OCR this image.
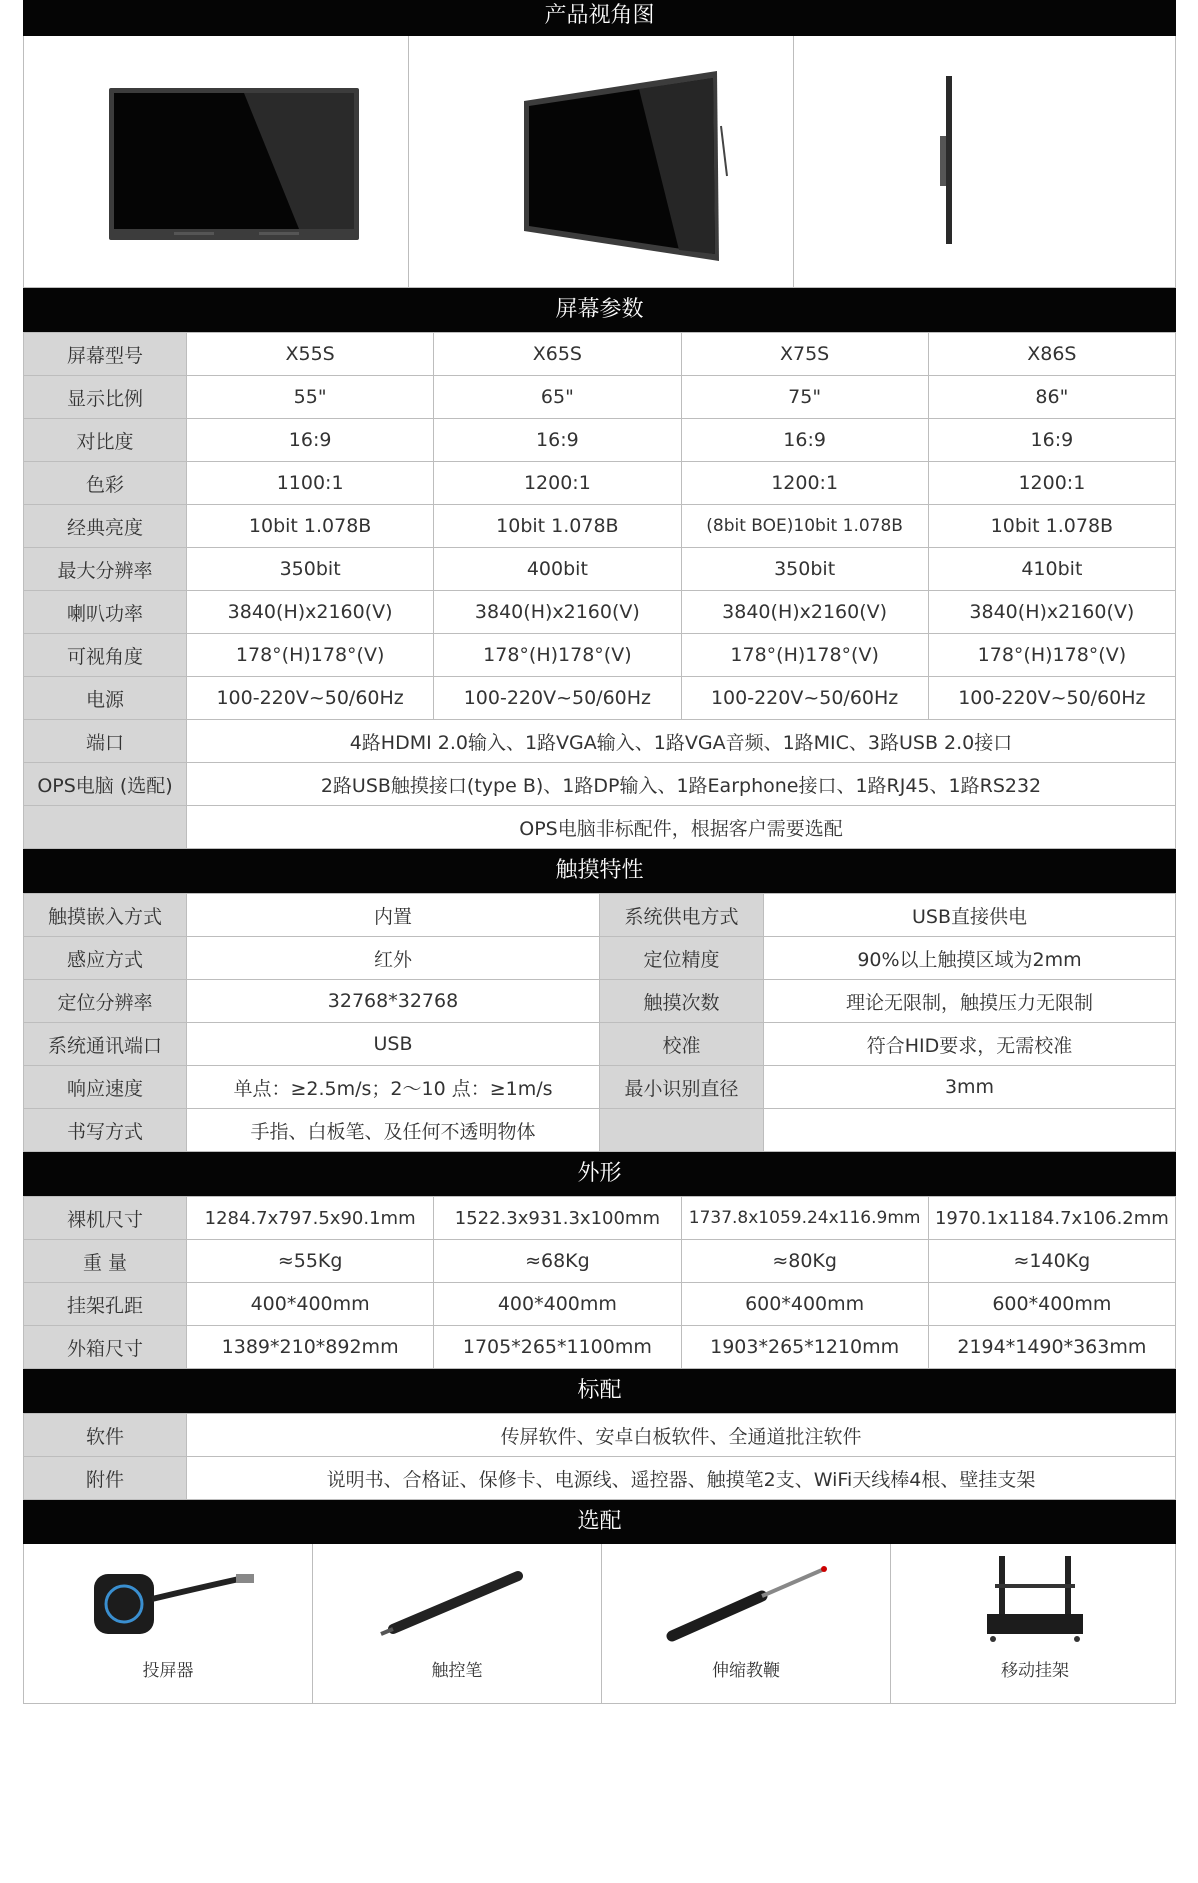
产品视角图
屏幕参数
屏幕型号	X55S	X65S	X75S	X86S
显示比例	55"	65"	75"	86"
对比度	16:9	16:9	16:9	16:9
色彩	1100:1	1200:1	1200:1	1200:1
经典亮度	10bit 1.078B	10bit 1.078B	(8bit BOE)10bit 1.078B	10bit 1.078B
最大分辨率	350bit	400bit	350bit	410bit
喇叭功率	3840(H)x2160(V)	3840(H)x2160(V)	3840(H)x2160(V)	3840(H)x2160(V)
可视角度	178°(H)178°(V)	178°(H)178°(V)	178°(H)178°(V)	178°(H)178°(V)
电源	100-220V~50/60Hz	100-220V~50/60Hz	100-220V~50/60Hz	100-220V~50/60Hz
端口	4路HDMI 2.0输入、1路VGA输入、1路VGA音频、1路MIC、3路USB 2.0接口			
OPS电脑 (选配)	2路USB触摸接口(type B)、1路DP输入、1路Earphone接口、1路RJ45、1路RS232			
	OPS电脑非标配件，根据客户需要选配			
触摸特性
触摸嵌入方式	内置	系统供电方式	USB直接供电
感应方式	红外	定位精度	90%以上触摸区域为2mm
定位分辨率	32768*32768	触摸次数	理论无限制，触摸压力无限制
系统通讯端口	USB	校准	符合HID要求，无需校准
响应速度	单点：≥2.5m/s；2～10 点：≥1m/s	最小识别直径	3mm
书写方式	手指、白板笔、及任何不透明物体		
外形
裸机尺寸	1284.7x797.5x90.1mm	1522.3x931.3x100mm	1737.8x1059.24x116.9mm	1970.1x1184.7x106.2mm
重 量	≈55Kg	≈68Kg	≈80Kg	≈140Kg
挂架孔距	400*400mm	400*400mm	600*400mm	600*400mm
外箱尺寸	1389*210*892mm	1705*265*1100mm	1903*265*1210mm	2194*1490*363mm
标配
软件	传屏软件、安卓白板软件、全通道批注软件
附件	说明书、合格证、保修卡、电源线、遥控器、触摸笔2支、WiFi天线棒4根、壁挂支架
选配
投屏器	触控笔	伸缩教鞭	移动挂架
